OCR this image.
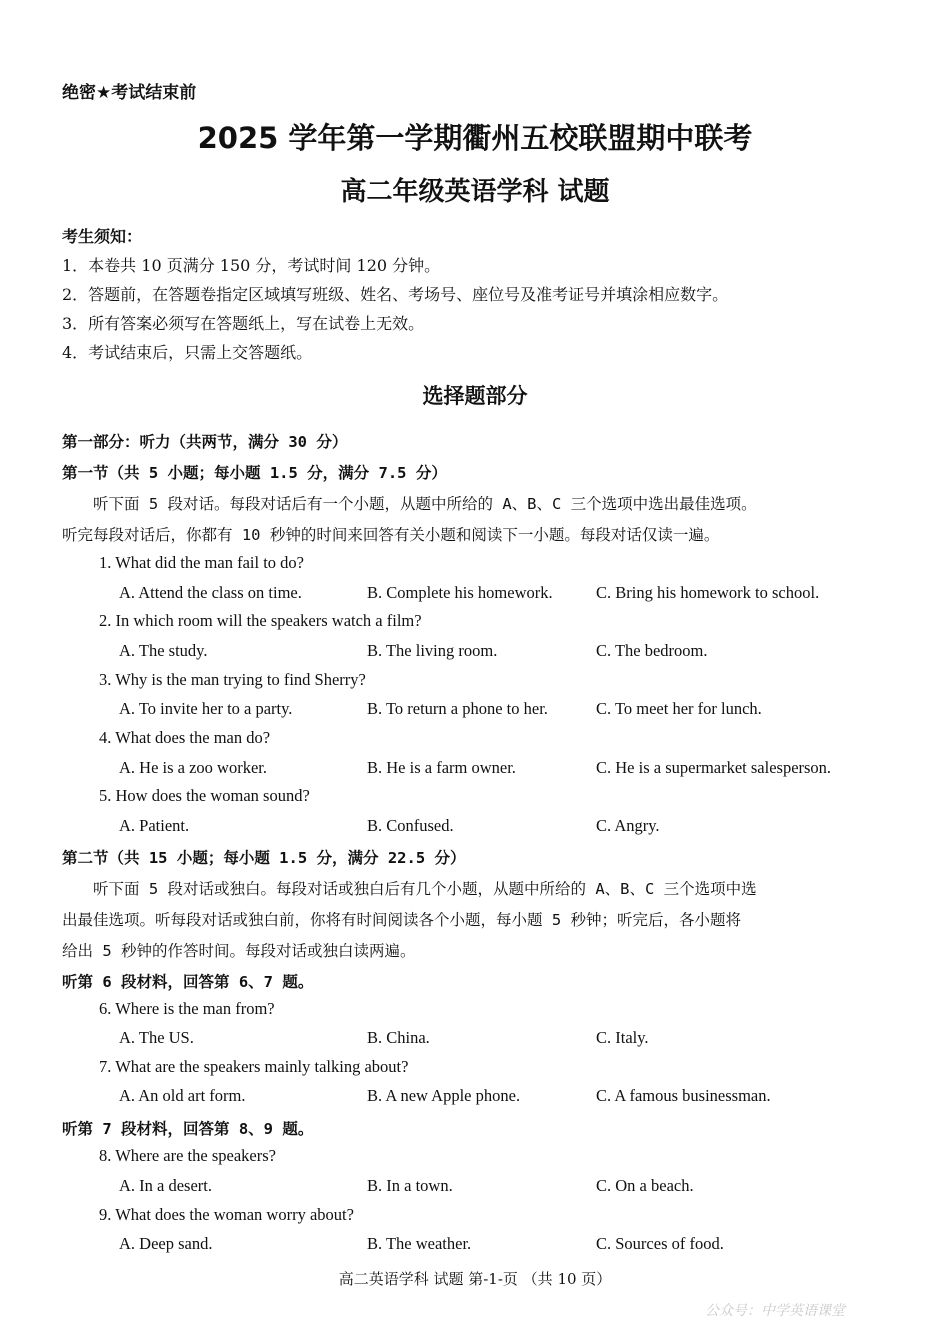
绝密★考试结束前
2025 学年第一学期衢州五校联盟期中联考
高二年级英语学科 试题
考生须知：
1．本卷共 10 页满分 150 分，考试时间 120 分钟。
2．答题前，在答题卷指定区域填写班级、姓名、考场号、座位号及准考证号并填涂相应数字。
3．所有答案必须写在答题纸上，写在试卷上无效。
4．考试结束后，只需上交答题纸。
选择题部分
第一部分：听力（共两节，满分 30 分）
第一节（共 5 小题；每小题 1.5 分，满分 7.5 分）
　　听下面 5 段对话。每段对话后有一个小题，从题中所给的 A、B、C 三个选项中选出最佳选项。
听完每段对话后，你都有 10 秒钟的时间来回答有关小题和阅读下一小题。每段对话仅读一遍。
1. What did the man fail to do?
A. Attend the class on time.	B. Complete his homework.	C. Bring his homework to school.
2. In which room will the speakers watch a film?
A. The study.	B. The living room.	C. The bedroom.
3. Why is the man trying to find Sherry?
A. To invite her to a party.	B. To return a phone to her.	C. To meet her for lunch.
4. What does the man do?
A. He is a zoo worker.	B. He is a farm owner.	C. He is a supermarket salesperson.
5. How does the woman sound?
A. Patient.	B. Confused.	C. Angry.
第二节（共 15 小题；每小题 1.5 分，满分 22.5 分）
　　听下面 5 段对话或独白。每段对话或独白后有几个小题，从题中所给的 A、B、C 三个选项中选
出最佳选项。听每段对话或独白前，你将有时间阅读各个小题，每小题 5 秒钟；听完后，各小题将
给出 5 秒钟的作答时间。每段对话或独白读两遍。
听第 6 段材料，回答第 6、7 题。
6. Where is the man from?
A. The US.	B. China.	C. Italy.
7. What are the speakers mainly talking about?
A. An old art form.	B. A new Apple phone.	C. A famous businessman.
听第 7 段材料，回答第 8、9 题。
8. Where are the speakers?
A. In a desert.	B. In a town.	C. On a beach.
9. What does the woman worry about?
A. Deep sand.	B. The weather.	C. Sources of food.
高二英语学科 试题 第-1-页 （共 10 页）
公众号：中学英语课堂
